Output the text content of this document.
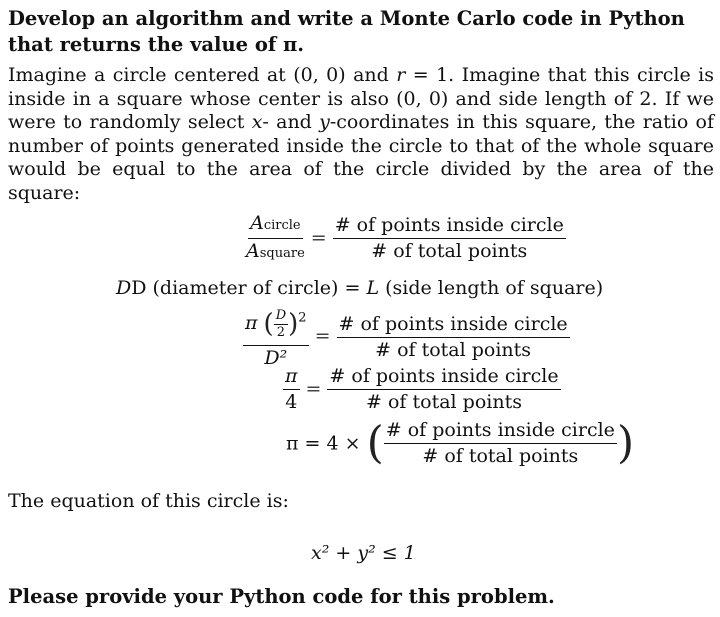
Develop an algorithm and write a Monte Carlo code in Python that returns the value of π.
Imagine a circle centered at (0, 0) and r = 1. Imagine that this circle is inside in a square whose center is also (0, 0) and side length of 2. If we were to randomly select x- and y-coordinates in this square, the ratio of number of points generated inside the circle to that of the whole square would be equal to the area of the circle divided by the area of the square:
$\frac{\text{Acircle}}{\text{Asquare}} = \frac{\text{\# of points inside circle}}{\text{\# of total points}}$
DD (diameter of circle) = L (side length of square)
$\frac{\pi ( \frac{D}{2} )^2}{\text{D²}} = \frac{\text{\# of points inside circle}}{\text{\# of total points}}$
$\frac{\pi}{4} = \frac{\text{\# of points inside circle}}{\text{\# of total points}}$
π = 4 × ( $\frac{\text{\# of points inside circle}}{\text{\# of total points}}$ )
The equation of this circle is:
x² + y² ≤ 1
Please provide your Python code for this problem.
